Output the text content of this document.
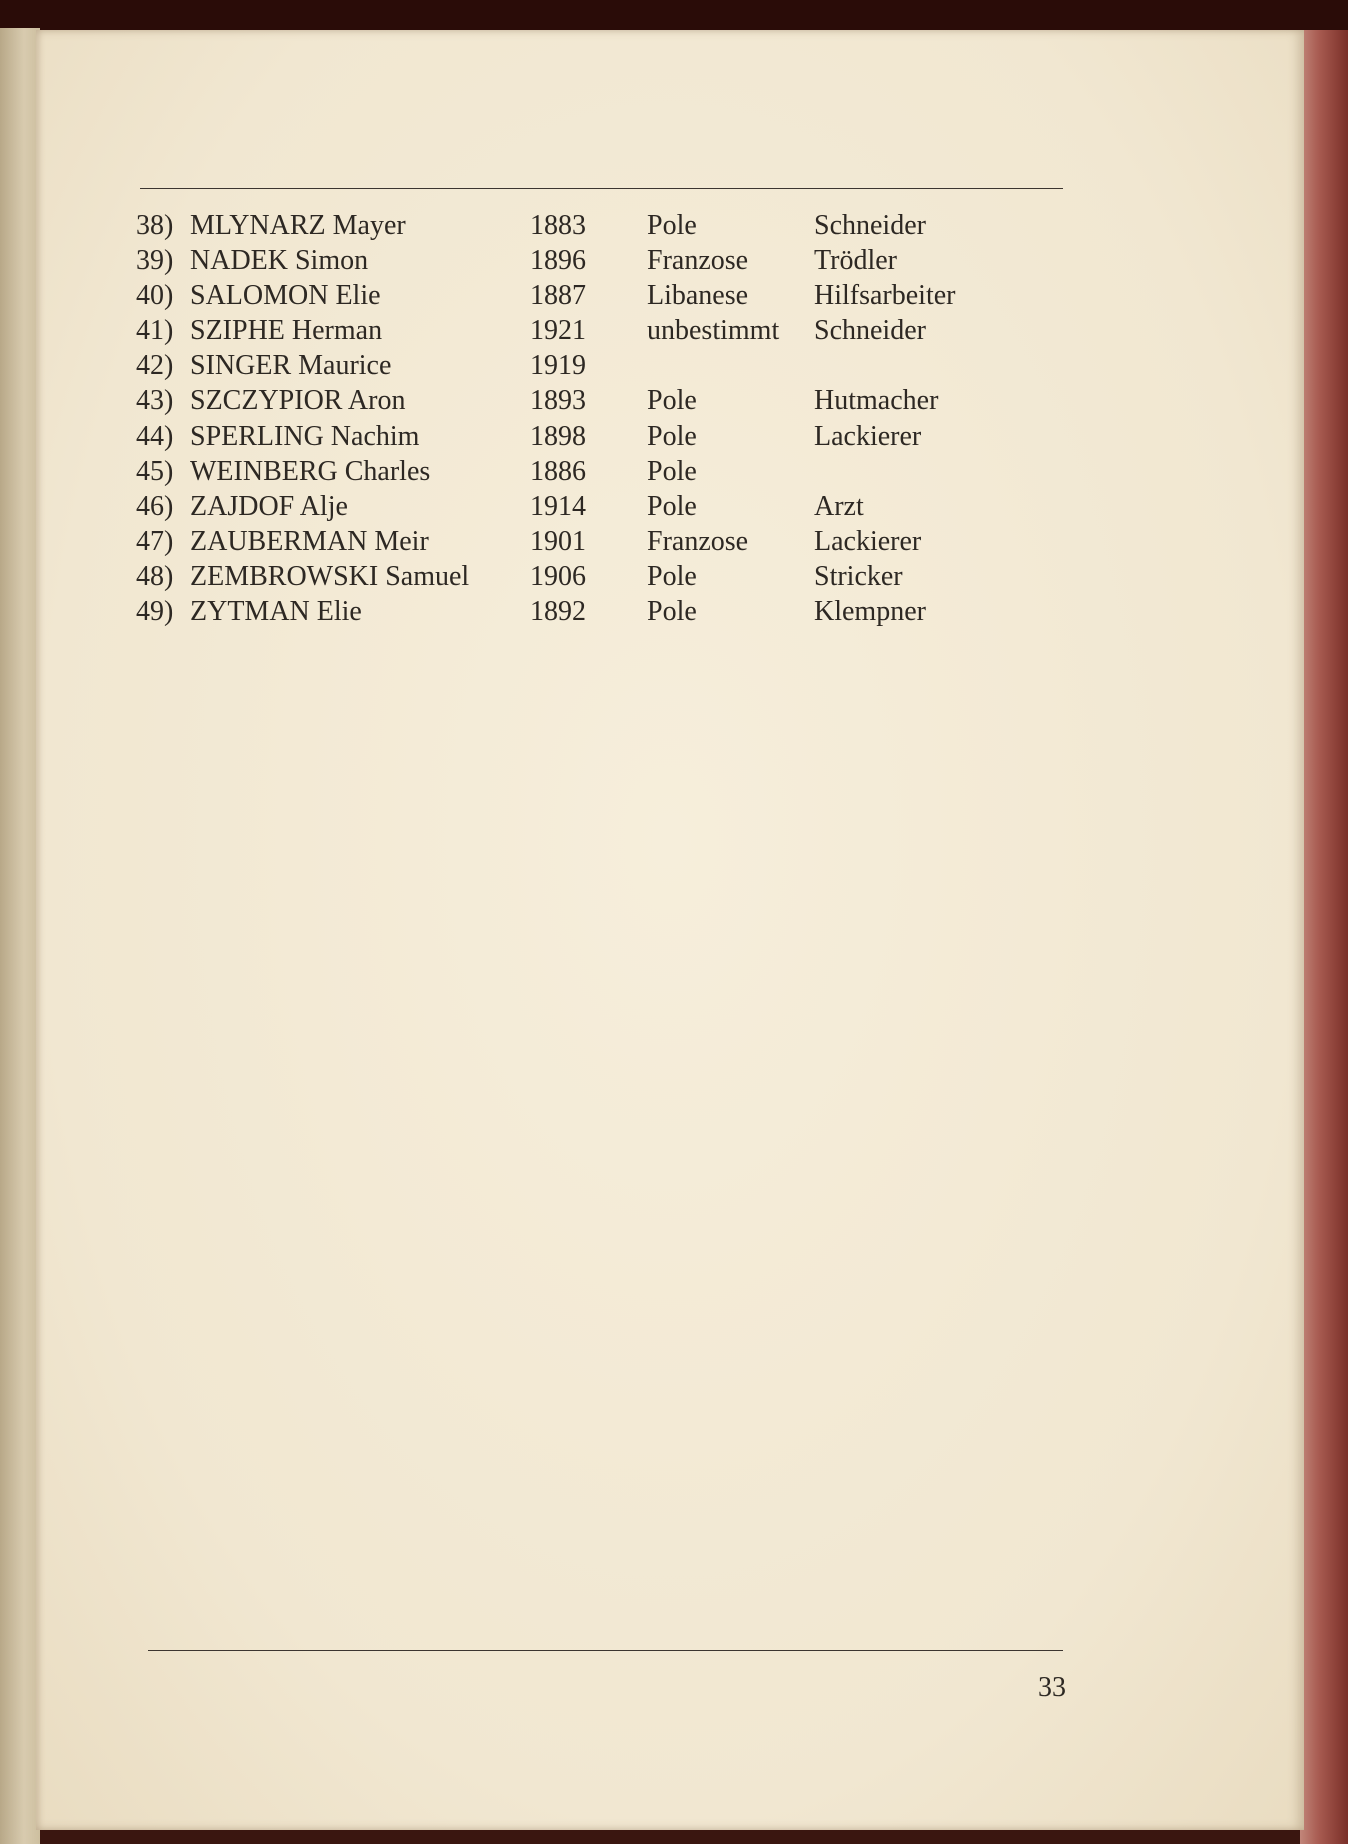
38) MLYNARZ Mayer	1883 Pole	Schneider
39) NADEK Simon	1896 Franzose Trödler
40) SALOMON Elie	1887 Libanese Hilfsarbeiter
41) SZIPHE Herman	1921 unbestimmt Schneider
42) SINGER Maurice	1919
43) SZCZYPIOR Aron	1893 Pole	Hutmacher
44) SPERLING Nachim	1898 Pole	Lackierer
45) WEINBERG Charles	1886 Pole
46) ZAJDOF Alje	1914 Pole	Arzt
47) ZAUBERMAN Meir	1901 Franzose Lackierer
48) ZEMBROWSKI Samuel 1906 Pole	Stricker
49) ZYTMAN Elie	1892 Pole	Klempner
33
